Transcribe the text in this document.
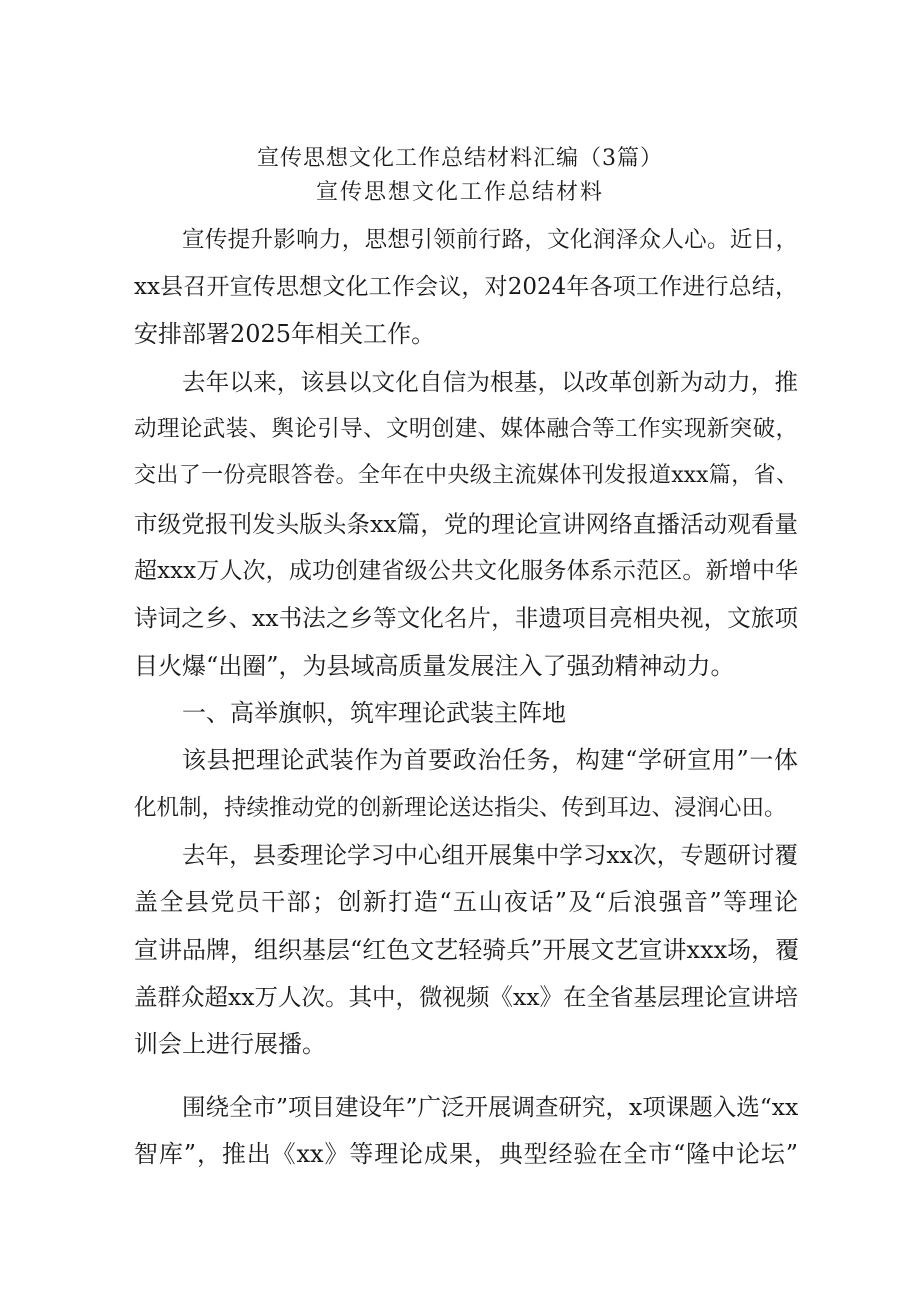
宣传思想文化工作总结材料汇编（3篇）
宣传思想文化工作总结材料
宣传提升影响力，思想引领前行路，文化润泽众人心。近日，
xx县召开宣传思想文化工作会议，对2024年各项工作进行总结，
安排部署2025年相关工作。
去年以来，该县以文化自信为根基，以改革创新为动力，推
动理论武装、舆论引导、文明创建、媒体融合等工作实现新突破，
交出了一份亮眼答卷。全年在中央级主流媒体刊发报道xxx篇，省、
市级党报刊发头版头条xx篇，党的理论宣讲网络直播活动观看量
超xxx万人次，成功创建省级公共文化服务体系示范区。新增中华
诗词之乡、xx书法之乡等文化名片，非遗项目亮相央视，文旅项
目火爆“出圈”，为县域高质量发展注入了强劲精神动力。
一、高举旗帜，筑牢理论武装主阵地
该县把理论武装作为首要政治任务，构建“学研宣用”一体
化机制，持续推动党的创新理论送达指尖、传到耳边、浸润心田。
去年，县委理论学习中心组开展集中学习xx次，专题研讨覆
盖全县党员干部；创新打造“五山夜话”及“后浪强音”等理论
宣讲品牌，组织基层“红色文艺轻骑兵”开展文艺宣讲xxx场，覆
盖群众超xx万人次。其中，微视频《xx》在全省基层理论宣讲培
训会上进行展播。
围绕全市”项目建设年”广泛开展调查研究，x项课题入选“xx
智库”，推出《xx》等理论成果，典型经验在全市“隆中论坛”
